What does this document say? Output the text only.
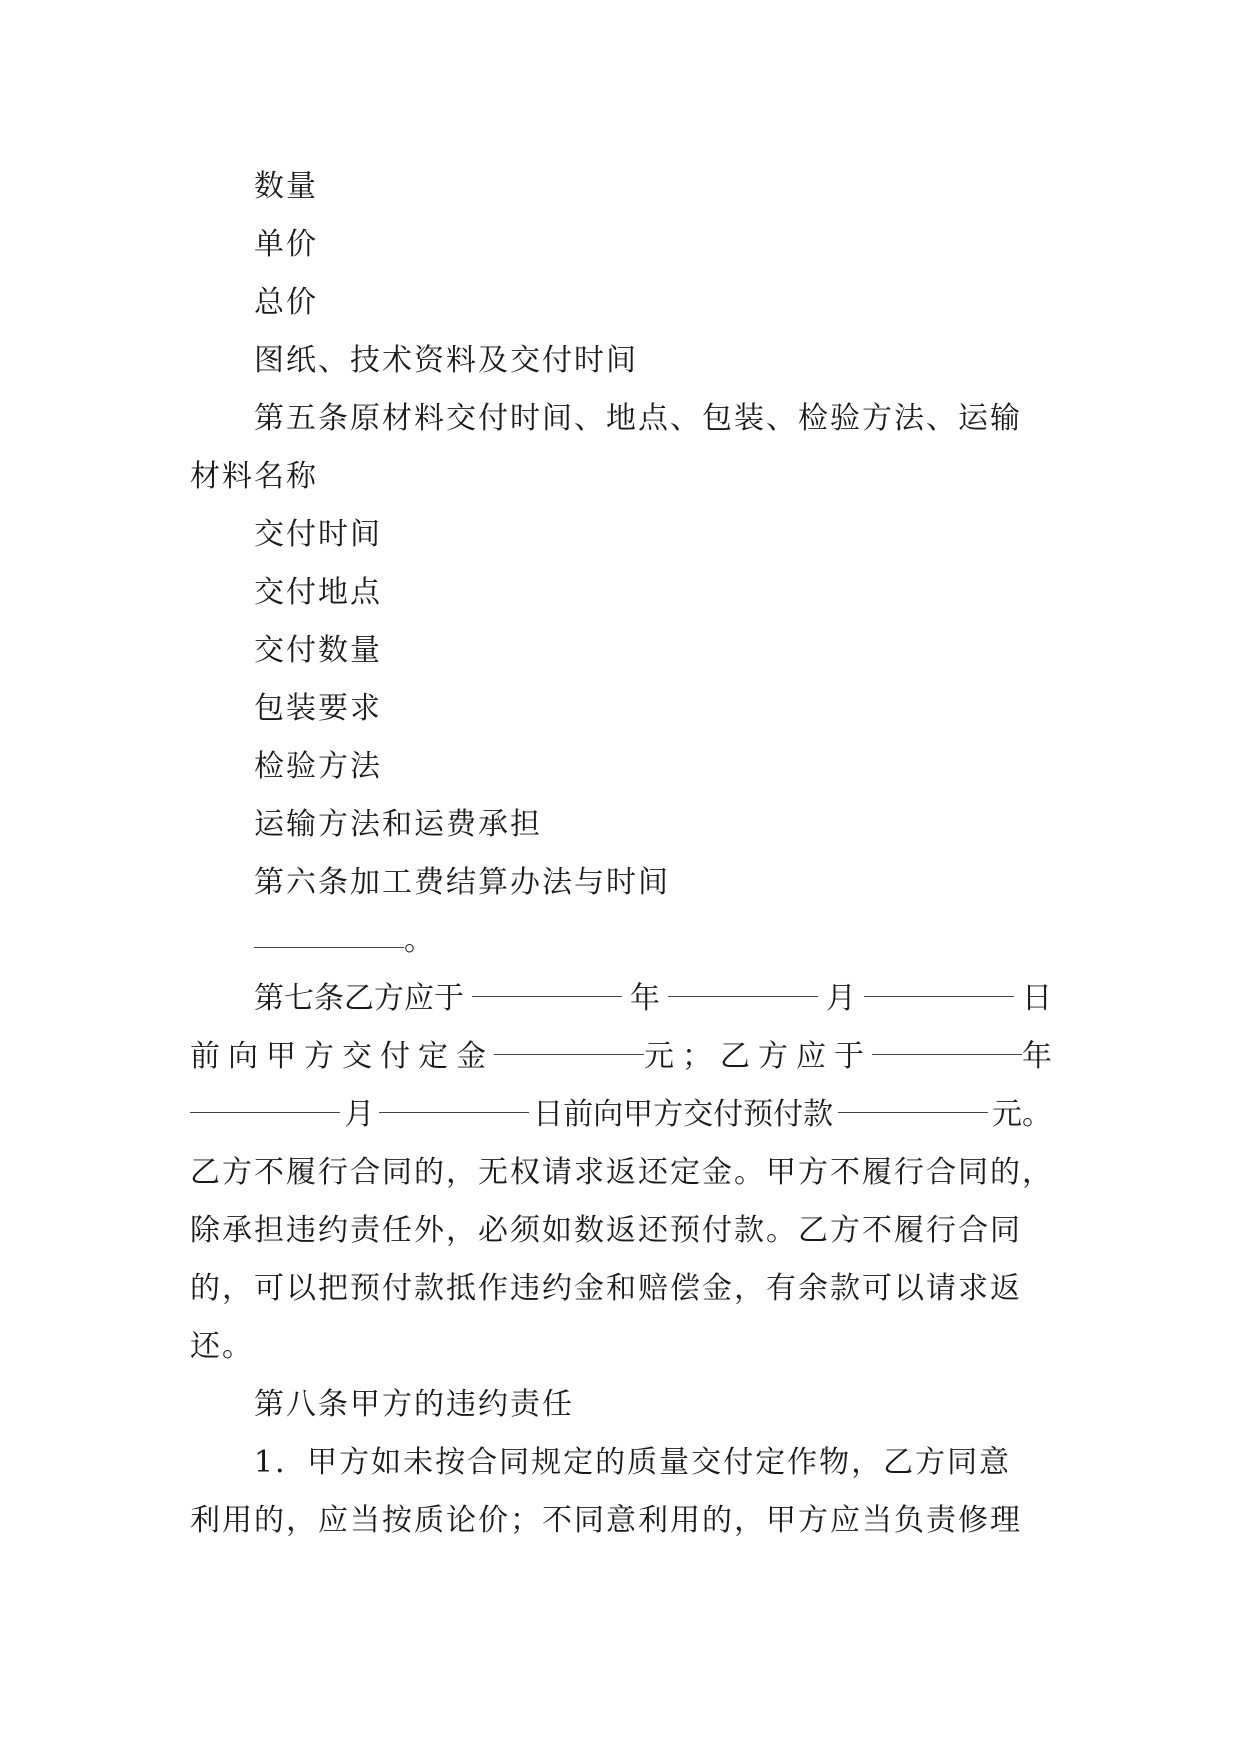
数量
单价
总价
图纸、技术资料及交付时间
第五条原材料交付时间、地点、包装、检验方法、运输
材料名称
交付时间
交付地点
交付数量
包装要求
检验方法
运输方法和运费承担
第六条加工费结算办法与时间
。
第七条乙方应于	年	月	日
前向甲方交付定金	元；乙方应于	年
月	日前向甲方交付预付款	元。
乙方不履行合同的，无权请求返还定金。甲方不履行合同的，
除承担违约责任外，必须如数返还预付款。乙方不履行合同
的，可以把预付款抵作违约金和赔偿金，有余款可以请求返
还。
第八条甲方的违约责任
1．甲方如未按合同规定的质量交付定作物，乙方同意
利用的，应当按质论价；不同意利用的，甲方应当负责修理
